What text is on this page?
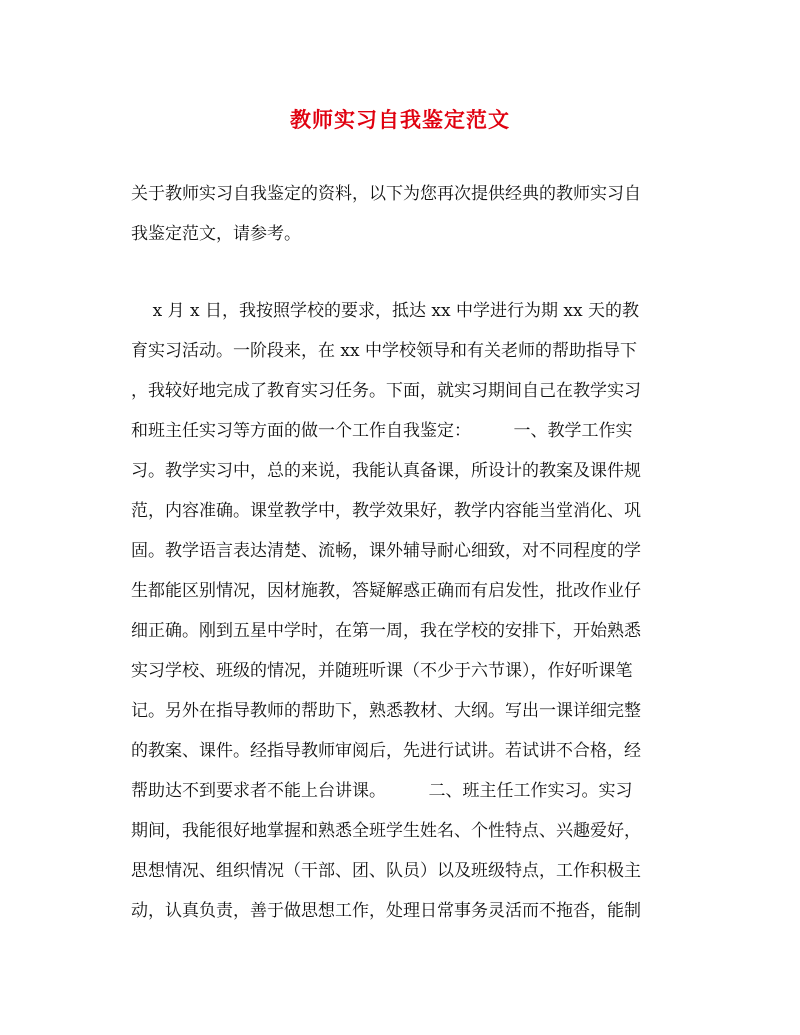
教师实习自我鉴定范文
关于教师实习自我鉴定的资料，以下为您再次提供经典的教师实习自
我鉴定范文，请参考。
x 月 x 日，我按照学校的要求，抵达 xx 中学进行为期 xx 天的教
育实习活动。一阶段来，在 xx 中学校领导和有关老师的帮助指导下
，我较好地完成了教育实习任务。下面，就实习期间自己在教学实习
和班主任实习等方面的做一个工作自我鉴定：　　　一、教学工作实
习。教学实习中，总的来说，我能认真备课，所设计的教案及课件规
范，内容准确。课堂教学中，教学效果好，教学内容能当堂消化、巩
固。教学语言表达清楚、流畅，课外辅导耐心细致，对不同程度的学
生都能区别情况，因材施教，答疑解惑正确而有启发性，批改作业仔
细正确。刚到五星中学时，在第一周，我在学校的安排下，开始熟悉
实习学校、班级的情况，并随班听课（不少于六节课），作好听课笔
记。另外在指导教师的帮助下，熟悉教材、大纲。写出一课详细完整
的教案、课件。经指导教师审阅后，先进行试讲。若试讲不合格，经
帮助达不到要求者不能上台讲课。　　　二、班主任工作实习。实习
期间，我能很好地掌握和熟悉全班学生姓名、个性特点、兴趣爱好，
思想情况、组织情况（干部、团、队员）以及班级特点，工作积极主
动，认真负责，善于做思想工作，处理日常事务灵活而不拖沓，能制
